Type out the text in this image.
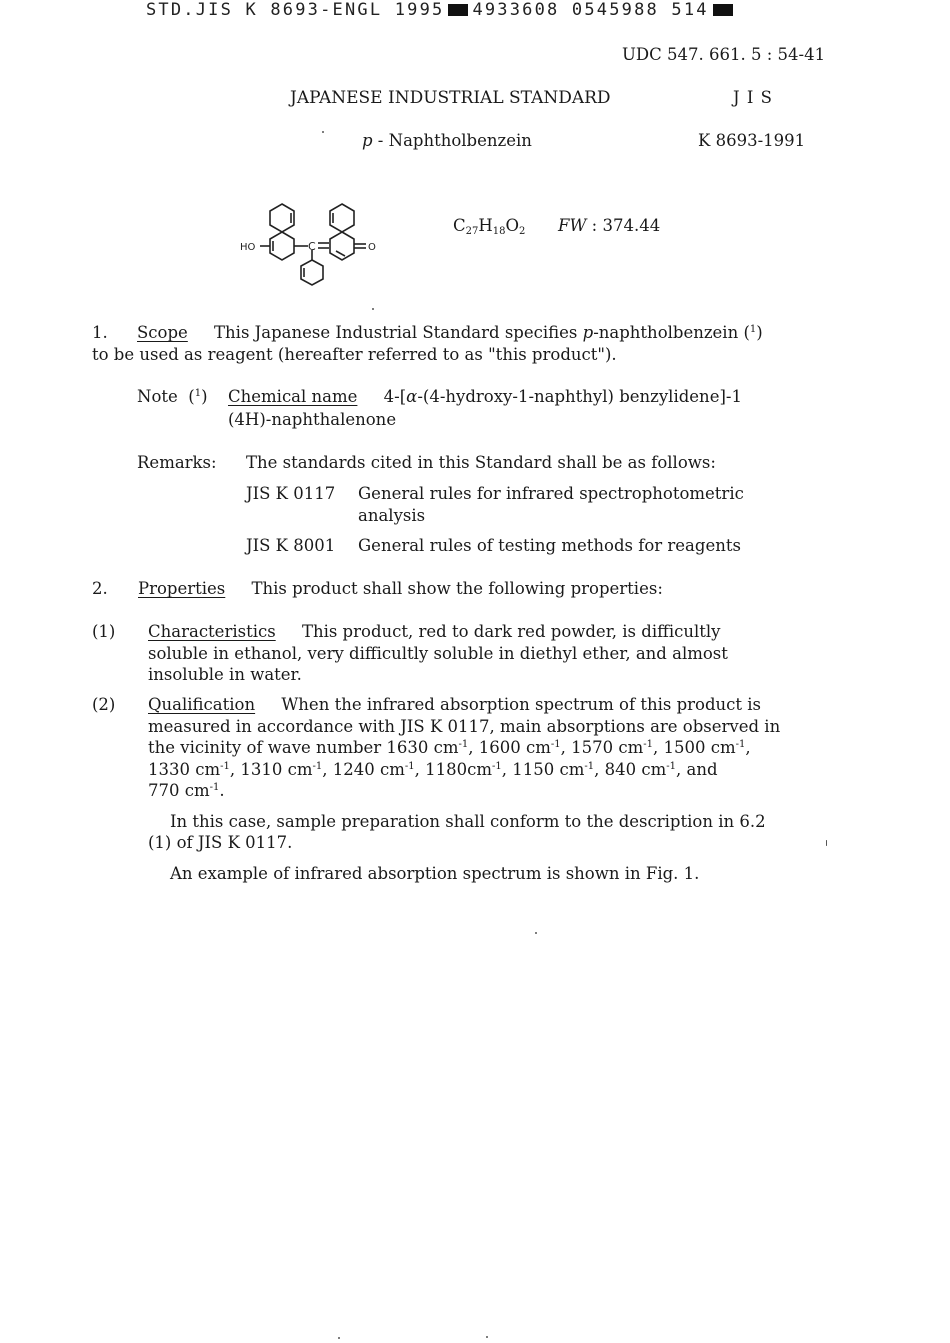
STD.JIS K 8693-ENGL 1995 4933608 0545988 514
UDC 547. 661. 5 : 54-41
JAPANESE INDUSTRIAL STANDARD	J I S
p - Naphtholbenzein	K 8693-1991
HO	C	O
$C_{27}H_{18}O_2$ FW : 374.44
1. Scope This Japanese Industrial Standard specifies p-naphtholbenzein ($^1$)
to be used as reagent (hereafter referred to as "this product").
Note  ($^1$) Chemical name 4-[α-(4-hydroxy-1-naphthyl) benzylidene]-1
(4H)-naphthalenone
Remarks: The standards cited in this Standard shall be as follows:
JIS K 0117 General rules for infrared spectrophotometric
analysis
JIS K 8001 General rules of testing methods for reagents
2. Properties This product shall show the following properties:
(1) Characteristics This product, red to dark red powder, is difficultly
soluble in ethanol, very difficultly soluble in diethyl ether, and almost
insoluble in water.
(2) Qualification When the infrared absorption spectrum of this product is
measured in accordance with JIS K 0117, main absorptions are observed in
the vicinity of wave number 1630 $cm^{-1}$, 1600 $cm^{-1}$, 1570 $cm^{-1}$, 1500 $cm^{-1}$,
1330 $cm^{-1}$, 1310 $cm^{-1}$, 1240 $cm^{-1}$, $1180cm^{-1}$, 1150 $cm^{-1}$, 840 $cm^{-1}$, and
770 $cm^{-1}$.
In this case, sample preparation shall conform to the description in 6.2
(1) of JIS K 0117.
An example of infrared absorption spectrum is shown in Fig. 1.
